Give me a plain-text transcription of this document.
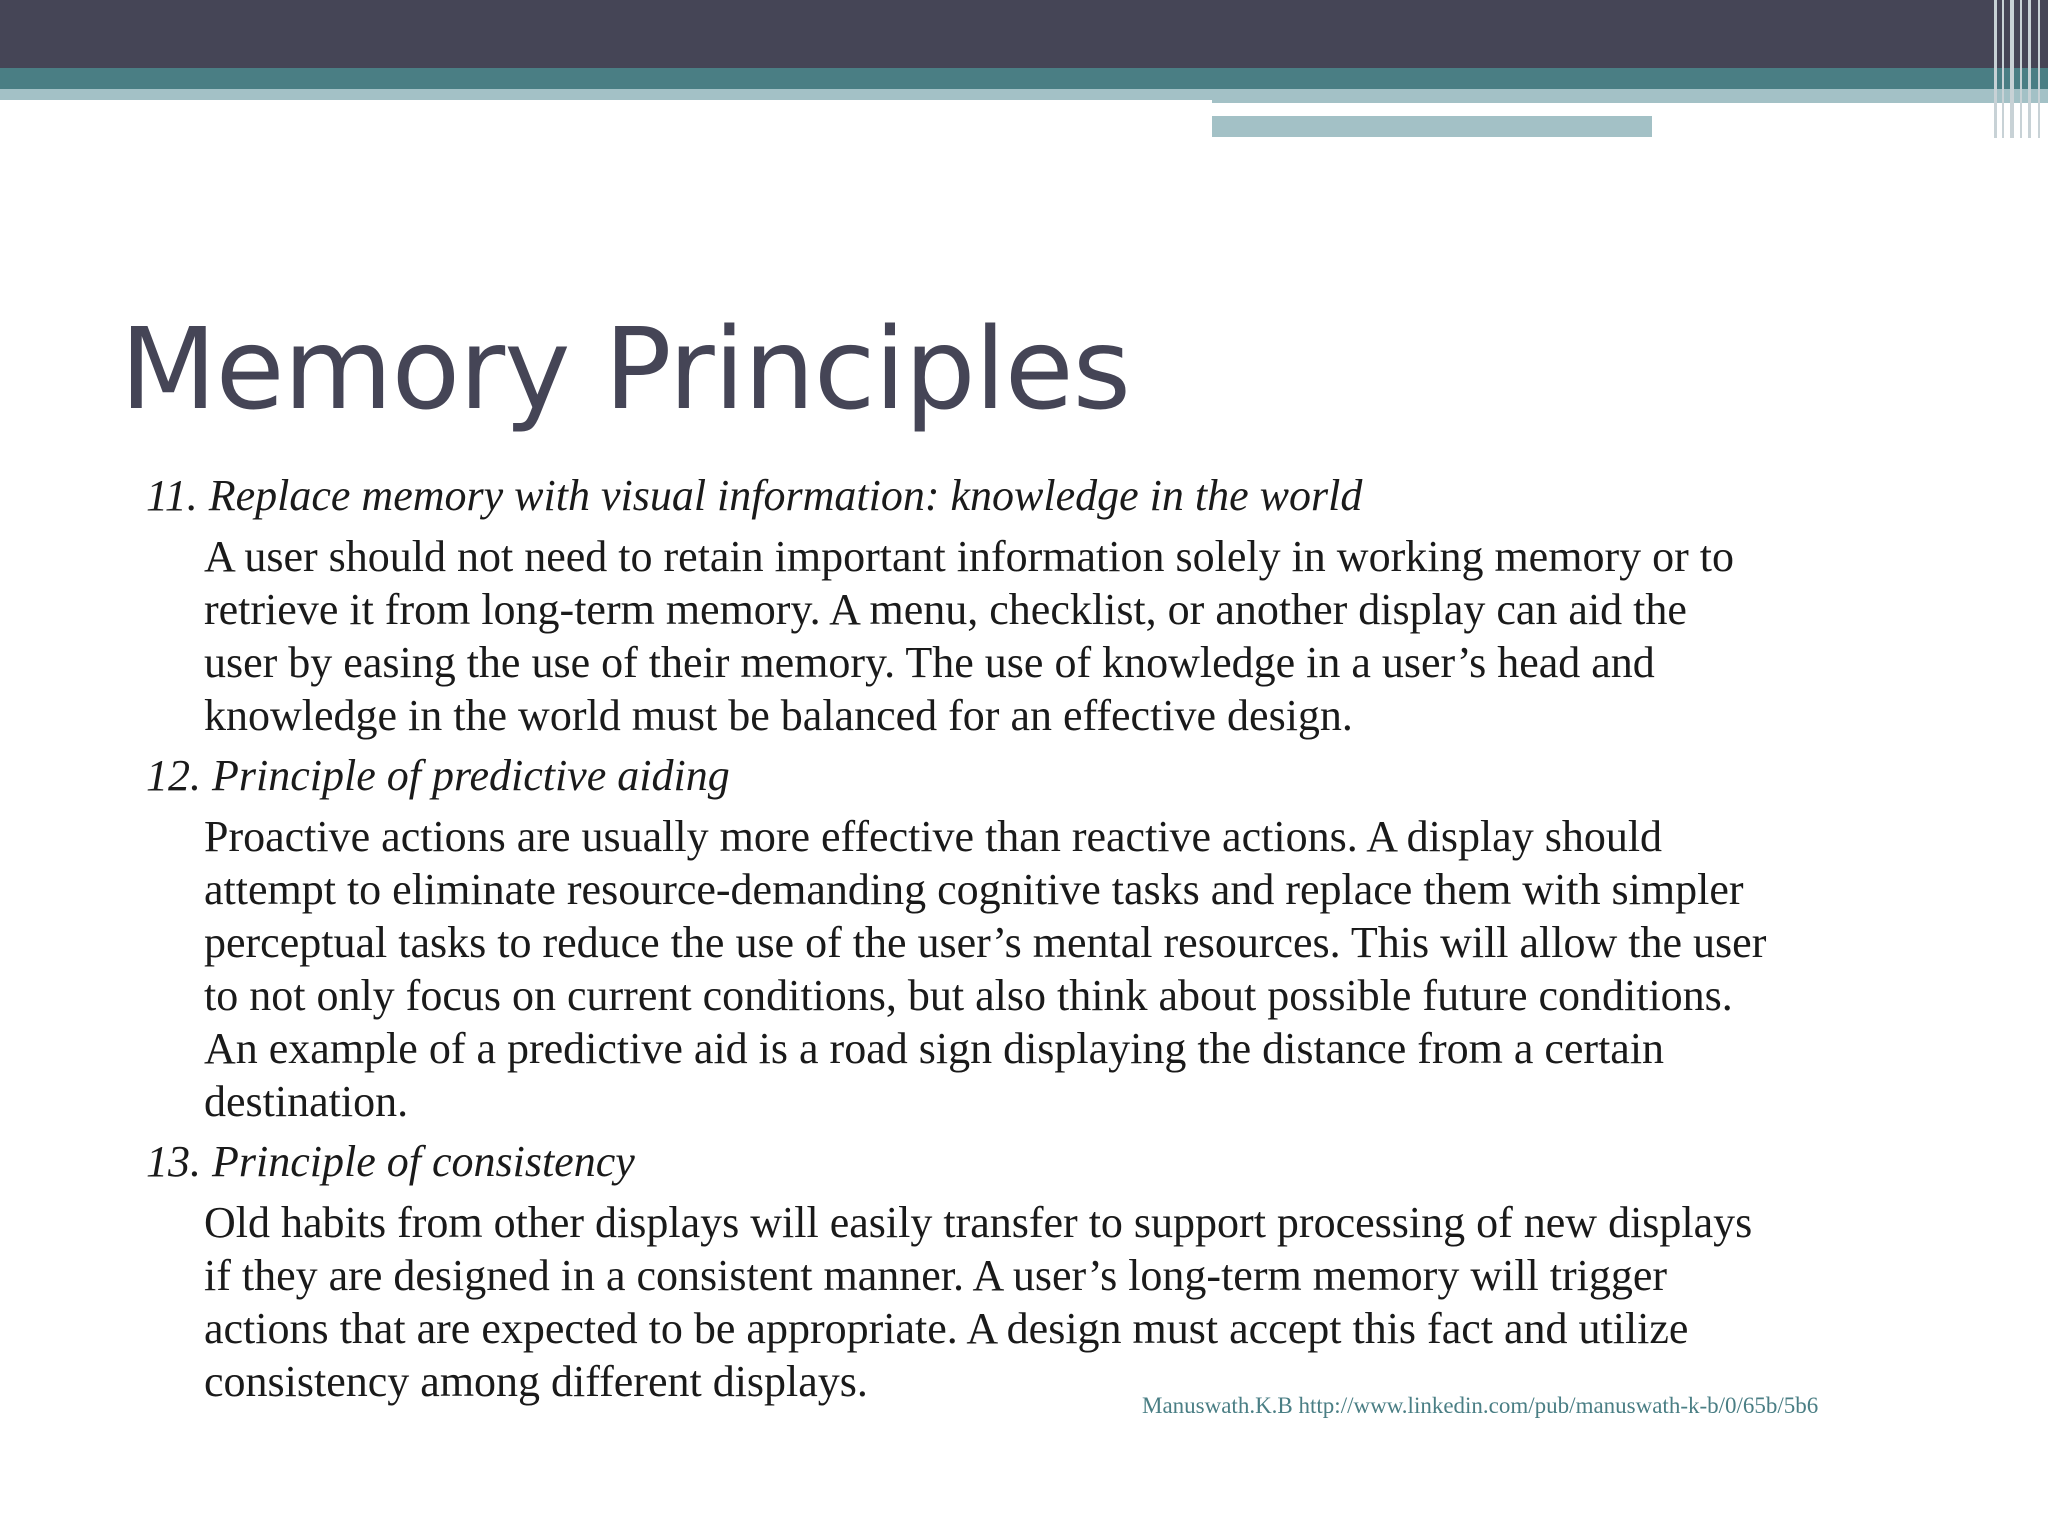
Memory Principles

11. Replace memory with visual information: knowledge in the world

A user should not need to retain important information solely in working memory or to
retrieve it from long-term memory. A menu, checklist, or another display can aid the
user by easing the use of their memory. The use of knowledge in a user’s head and
knowledge in the world must be balanced for an effective design.

12. Principle of predictive aiding

Proactive actions are usually more effective than reactive actions. A display should
attempt to eliminate resource-demanding cognitive tasks and replace them with simpler
perceptual tasks to reduce the use of the user’s mental resources. This will allow the user
to not only focus on current conditions, but also think about possible future conditions.
An example of a predictive aid is a road sign displaying the distance from a certain
destination.

13. Principle of consistency

Old habits from other displays will easily transfer to support processing of new displays
if they are designed in a consistent manner. A user’s long-term memory will trigger
actions that are expected to be appropriate. A design must accept this fact and utilize
consistency among different displays.	Manuswath.K.B http://www.linkedin.com/pub/manuswath-k-b/0/65b/5b6
